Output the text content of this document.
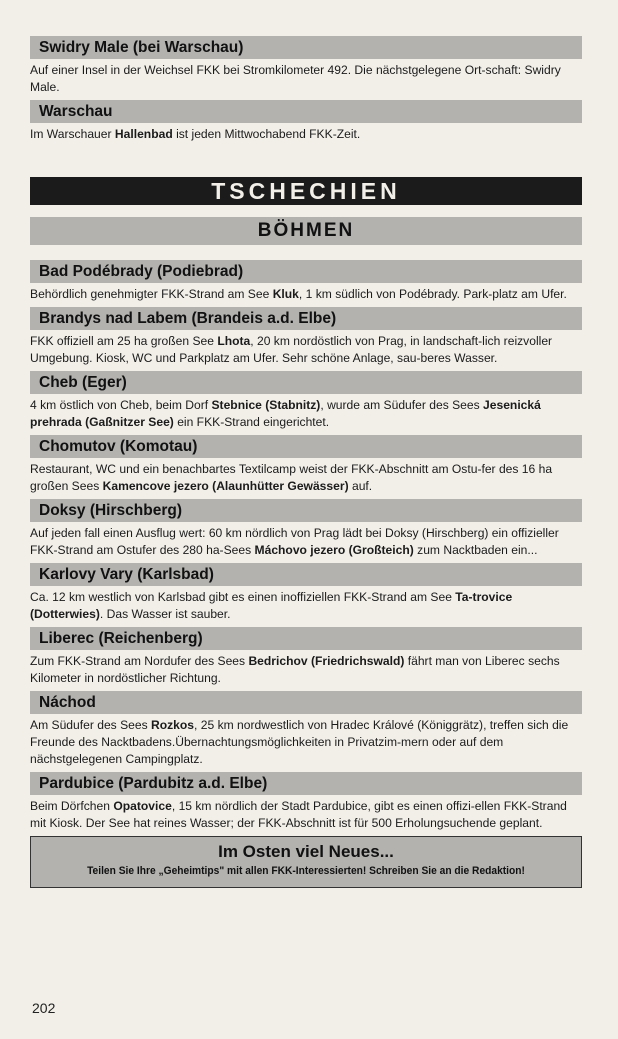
Swidry Male (bei Warschau)
Auf einer Insel in der Weichsel FKK bei Stromkilometer 492. Die nächstgelegene Ort-schaft: Swidry Male.
Warschau
Im Warschauer Hallenbad ist jeden Mittwochabend FKK-Zeit.
TSCHECHIEN
BÖHMEN
Bad Podébrady (Podiebrad)
Behördlich genehmigter FKK-Strand am See Kluk, 1 km südlich von Podébrady. Park-platz am Ufer.
Brandys nad Labem (Brandeis a.d. Elbe)
FKK offiziell am 25 ha großen See Lhota, 20 km nordöstlich von Prag, in landschaft-lich reizvoller Umgebung. Kiosk, WC und Parkplatz am Ufer. Sehr schöne Anlage, sau-beres Wasser.
Cheb (Eger)
4 km östlich von Cheb, beim Dorf Stebnice (Stabnitz), wurde am Südufer des Sees Jesenická prehrada (Gaßnitzer See) ein FKK-Strand eingerichtet.
Chomutov (Komotau)
Restaurant, WC und ein benachbartes Textilcamp weist der FKK-Abschnitt am Ostu-fer des 16 ha großen Sees Kamencove jezero (Alaunhütter Gewässer) auf.
Doksy (Hirschberg)
Auf jeden fall einen Ausflug wert: 60 km nördlich von Prag lädt bei Doksy (Hirschberg) ein offizieller FKK-Strand am Ostufer des 280 ha-Sees Máchovo jezero (Großteich) zum Nacktbaden ein...
Karlovy Vary (Karlsbad)
Ca. 12 km westlich von Karlsbad gibt es einen inoffiziellen FKK-Strand am See Ta-trovice (Dotterwies). Das Wasser ist sauber.
Liberec (Reichenberg)
Zum FKK-Strand am Nordufer des Sees Bedrichov (Friedrichswald) fährt man von Liberec sechs Kilometer in nordöstlicher Richtung.
Náchod
Am Südufer des Sees Rozkos, 25 km nordwestlich von Hradec Králové (Königgrätz), treffen sich die Freunde des Nacktbadens.Übernachtungsmöglichkeiten in Privatzim-mern oder auf dem nächstgelegenen Campingplatz.
Pardubice (Pardubitz a.d. Elbe)
Beim Dörfchen Opatovice, 15 km nördlich der Stadt Pardubice, gibt es einen offizi-ellen FKK-Strand mit Kiosk. Der See hat reines Wasser; der FKK-Abschnitt ist für 500 Erholungsuchende geplant.
Im Osten viel Neues...
Teilen Sie Ihre „Geheimtips" mit allen FKK-Interessierten! Schreiben Sie an die Redaktion!
202
